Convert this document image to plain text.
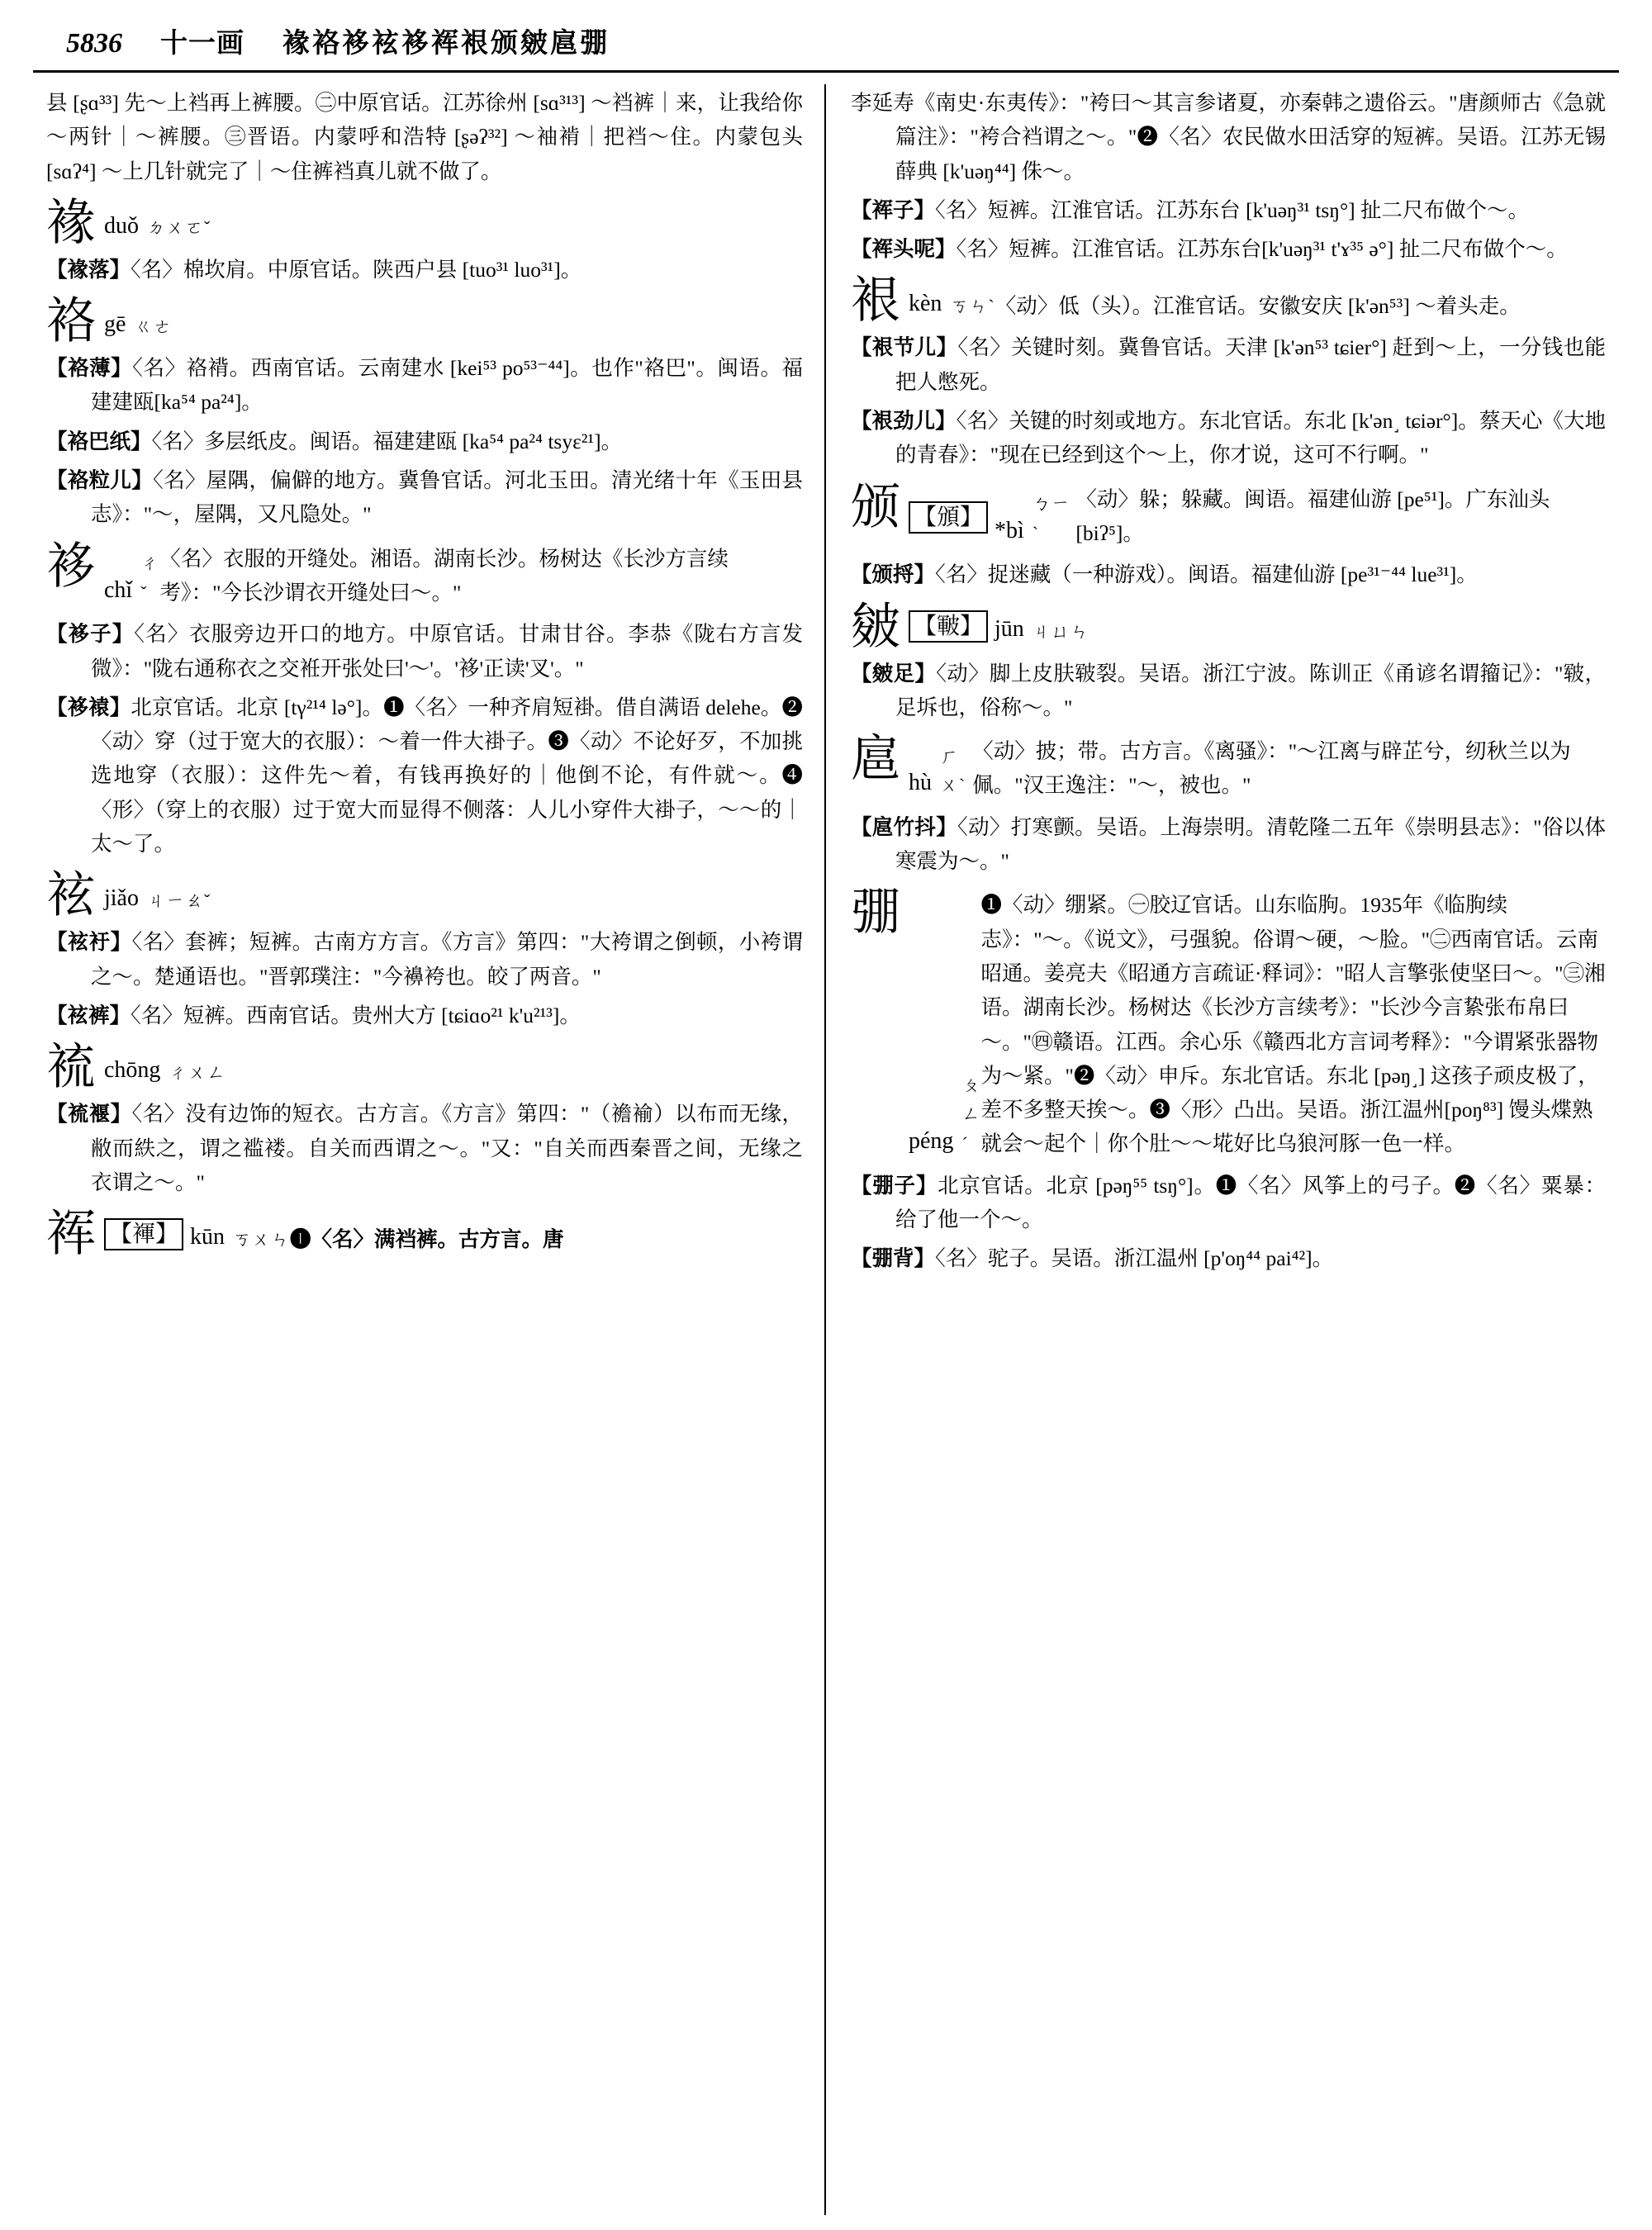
5836 十一画 褖袼袳袨袳裈裉颁皴扈弸
县 [ʂɑ³³] 先～上裆再上裤腰。㊁中原官话。江苏徐州 [sɑ³¹³] ～裆裤｜来，让我给你～两针｜～裤腰。㊂晋语。内蒙呼和浩特 [ʂəʔ³²] ～袖褃｜把裆～住。内蒙包头 [sɑʔ⁴] ～上几针就完了｜～住裤裆真儿就不做了。
褖 duǒ ㄉㄨㄛˇ
【褖落】〈名〉棉坎肩。中原官话。陕西户县 [tuo³¹ luo³¹]。
袼 gē ㄍㄜ
【袼薄】〈名〉袼褙。西南官话。云南建水 [kei⁵³ po⁵³⁻⁴⁴]。也作"袼巴"。闽语。福建建瓯[ka⁵⁴ pa²⁴]。
【袼巴纸】〈名〉多层纸皮。闽语。福建建瓯 [ka⁵⁴ pa²⁴ tsyɛ²¹]。
【袼粒儿】〈名〉屋隅，偏僻的地方。冀鲁官话。河北玉田。清光绪十年《玉田县志》："～，屋隅，又凡隐处。"
袳 chǐ
ㄔˇ
〈名〉衣服的开缝处。湘语。湖南长沙。杨树达《长沙方言续考》："今长沙谓衣开缝处曰～。"
【袳子】〈名〉衣服旁边开口的地方。中原官话。甘肃甘谷。李恭《陇右方言发微》："陇右通称衣之交袵开张处曰'～'。'袳'正读'叉'。"
【袳褤】北京官话。北京 [tγ²¹⁴ lə°]。❶〈名〉一种齐肩短褂。借自满语 delehe。❷〈动〉穿（过于宽大的衣服）：～着一件大褂子。❸〈动〉不论好歹，不加挑选地穿（衣服）：这件先～着，有钱再换好的｜他倒不论，有件就～。❹〈形〉（穿上的衣服）过于宽大而显得不侧落：人儿小穿件大褂子，～～的｜太～了。
袨 jiǎo ㄐㄧㄠˇ
【袨衧】〈名〉套裤；短裤。古南方方言。《方言》第四："大袴谓之倒顿，小袴谓之～。楚通语也。"晋郭璞注："今襣袴也。皎了两音。"
【袨裤】〈名〉短裤。西南官话。贵州大方 [tɕiɑo²¹ k'u²¹³]。
裗 chōng ㄔㄨㄥ
【裗褗】〈名〉没有边饰的短衣。古方言。《方言》第四："（襜褕）以布而无缘，敝而紩之，谓之褴褛。自关而西谓之～。"又："自关而西秦晋之间，无缘之衣谓之～。"
裈 【褌】 kūn ㄎㄨㄣ ❶〈名〉满裆裤。古方言。唐
李延寿《南史·东夷传》："袴曰～其言参诸夏，亦秦韩之遗俗云。"唐颜师古《急就篇注》："袴合裆谓之～。"❷〈名〉农民做水田活穿的短裤。吴语。江苏无锡薛典 [k'uəŋ⁴⁴] 侏～。
【裈子】〈名〉短裤。江淮官话。江苏东台 [k'uəŋ³¹ tsŋ°] 扯二尺布做个～。
【裈头呢】〈名〉短裤。江淮官话。江苏东台[k'uəŋ³¹ t'ɤ³⁵ ə°] 扯二尺布做个～。
裉 kèn ㄎㄣˋ 〈动〉低（头）。江淮官话。安徽安庆 [k'ən⁵³] ～着头走。
【裉节儿】〈名〉关键时刻。冀鲁官话。天津 [k'ən⁵³ tɕier°] 赶到～上，一分钱也能把人憋死。
【裉劲儿】〈名〉关键的时刻或地方。东北官话。东北 [k'ən˼ tɕiər°]。蔡天心《大地的青春》："现在已经到这个～上，你才说，这可不行啊。"
颁 【頒】
*bì
ㄅㄧˋ
〈动〉躲；躲藏。闽语。福建仙游 [pe⁵¹]。广东汕头 [biʔ⁵]。
【颁捋】〈名〉捉迷藏（一种游戏）。闽语。福建仙游 [pe³¹⁻⁴⁴ lue³¹]。
皴 【皸】 jūn ㄐㄩㄣ
【皴足】〈动〉脚上皮肤皲裂。吴语。浙江宁波。陈训正《甬谚名谓籀记》："皲，足坼也，俗称～。"
扈 hù
ㄏㄨˋ
〈动〉披；带。古方言。《离骚》："～江离与辟芷兮，纫秋兰以为佩。"汉王逸注："～，被也。"
【扈竹抖】〈动〉打寒颤。吴语。上海崇明。清乾隆二五年《崇明县志》："俗以体寒震为～。"
弸
péng
ㄆㄥˊ
❶〈动〉绷紧。㊀胶辽官话。山东临朐。1935年《临朐续志》："～。《说文》，弓强貌。俗谓～硬，～脸。"㊁西南官话。云南昭通。姜亮夫《昭通方言疏证·释词》："昭人言擎张使坚曰～。"㊂湘语。湖南长沙。杨树达《长沙方言续考》："长沙今言絷张布帛曰～。"㊃赣语。江西。余心乐《赣西北方言词考释》："今谓紧张器物为～紧。"❷〈动〉申斥。东北官话。东北 [pəŋ˼] 这孩子顽皮极了，差不多整天挨～。❸〈形〉凸出。吴语。浙江温州[poŋ⁸³] 馒头煠熟就会～起个｜你个肚～～埖好比乌狼河豚一色一样。
【弸子】北京官话。北京 [pəŋ⁵⁵ tsŋ°]。❶〈名〉风筝上的弓子。❷〈名〉粟暴：给了他一个～。
【弸背】〈名〉驼子。吴语。浙江温州 [p'oŋ⁴⁴ pai⁴²]。
